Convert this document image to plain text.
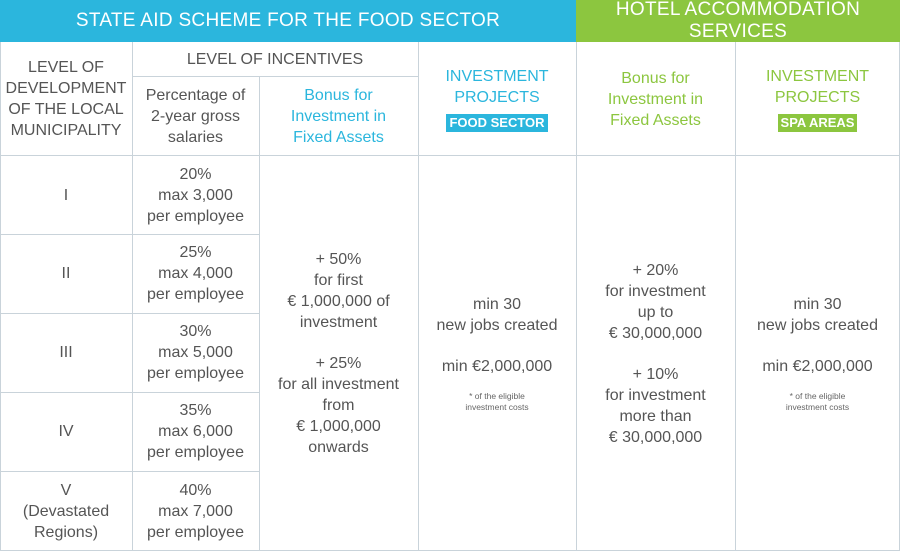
STATE AID SCHEME FOR THE FOOD SECTOR
HOTEL ACCOMMODATION SERVICES
LEVEL OF
DEVELOPMENT
OF THE LOCAL
MUNICIPALITY
LEVEL OF INCENTIVES
Percentage of
2-year gross
salaries
Bonus for
Investment in
Fixed Assets
INVESTMENT
PROJECTS
FOOD SECTOR
Bonus for
Investment in
Fixed Assets
INVESTMENT
PROJECTS
SPA AREAS
I
20%
max 3,000
per employee
II
25%
max 4,000
per employee
III
30%
max 5,000
per employee
IV
35%
max 6,000
per employee
V
(Devastated
Regions)
40%
max 7,000
per employee
+ 50%
for first
€ 1,000,000 of
investment
+ 25%
for all investment
from
€ 1,000,000
onwards
min 30
new jobs created
min €2,000,000
* of the eligible
investment costs
+ 20%
for investment
up to
€ 30,000,000
+ 10%
for investment
more than
€ 30,000,000
min 30
new jobs created
min €2,000,000
* of the eligible
investment costs
